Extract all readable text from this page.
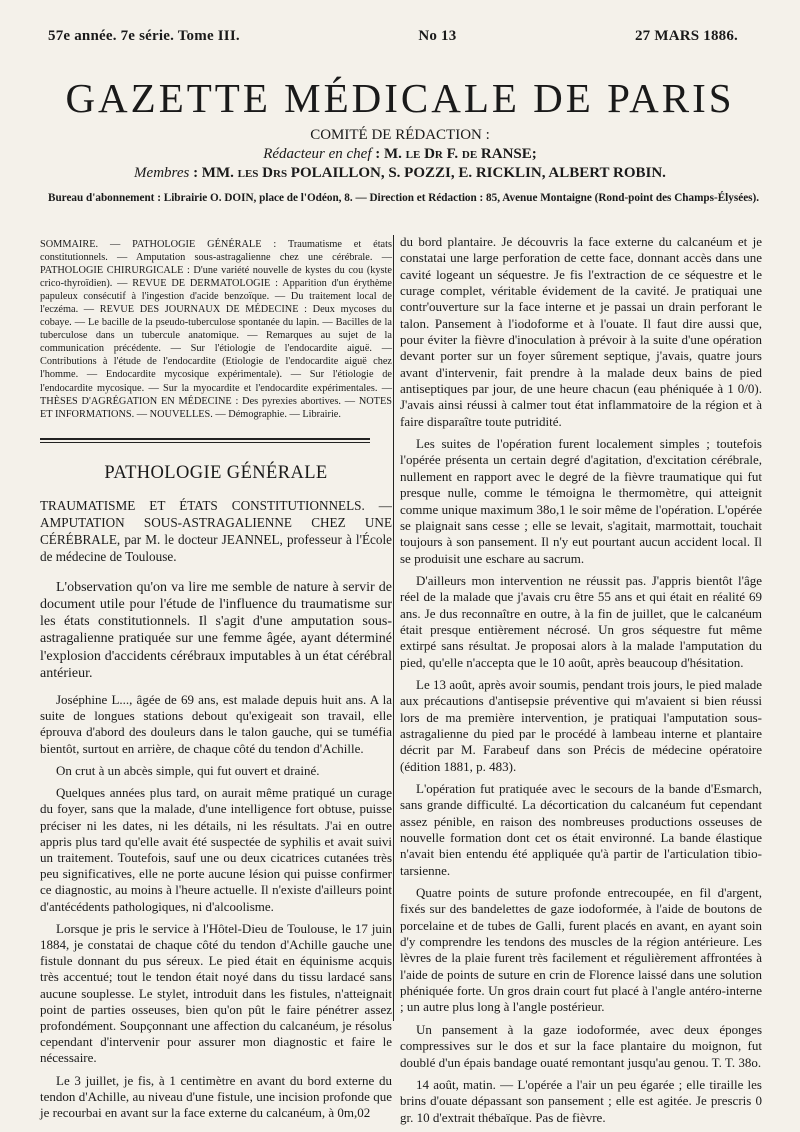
57e année. 7e série. Tome III.	No 13	27 MARS 1886.
GAZETTE MÉDICALE DE PARIS
COMITÉ DE RÉDACTION :
Rédacteur en chef : M. le Dr F. de RANSE;
Membres : MM. les Drs POLAILLON, S. POZZI, E. RICKLIN, ALBERT ROBIN.
Bureau d'abonnement : Librairie O. DOIN, place de l'Odéon, 8. — Direction et Rédaction : 85, Avenue Montaigne (Rond-point des Champs-Élysées).

SOMMAIRE. — PATHOLOGIE GÉNÉRALE : Traumatisme et états constitutionnels. — Amputation sous-astragalienne chez une cérébrale. — PATHOLOGIE CHIRURGICALE : D'une variété nouvelle de kystes du cou (kyste crico-thyroïdien). — REVUE DE DERMATOLOGIE : Apparition d'un érythème papuleux consécutif à l'ingestion d'acide benzoïque. — Du traitement local de l'eczéma. — REVUE DES JOURNAUX DE MÉDECINE : Deux mycoses du cobaye. — Le bacille de la pseudo-tuberculose spontanée du lapin. — Bacilles de la tuberculose dans un tubercule anatomique. — Remarques au sujet de la communication précédente. — Sur l'étiologie de l'endocardite aiguë. — Contributions à l'étude de l'endocardite (Etiologie de l'endocardite aiguë chez l'homme. — Endocardite mycosique expérimentale). — Sur l'étiologie de l'endocardite mycosique. — Sur la myocardite et l'endocardite expérimentales. — THÈSES D'AGRÉGATION EN MÉDECINE : Des pyrexies abortives. — NOTES ET INFORMATIONS. — NOUVELLES. — Démographie. — Librairie.

PATHOLOGIE GÉNÉRALE

TRAUMATISME ET ÉTATS CONSTITUTIONNELS. — AMPUTATION SOUS-ASTRAGALIENNE CHEZ UNE CÉRÉBRALE, par M. le docteur JEANNEL, professeur à l'École de médecine de Toulouse.

L'observation qu'on va lire me semble de nature à servir de document utile pour l'étude de l'influence du traumatisme sur les états constitutionnels. Il s'agit d'une amputation sous-astragalienne pratiquée sur une femme âgée, ayant déterminé l'explosion d'accidents cérébraux imputables à un état cérébral antérieur.

Joséphine L..., âgée de 69 ans, est malade depuis huit ans. A la suite de longues stations debout qu'exigeait son travail, elle éprouva d'abord des douleurs dans le talon gauche, qui se tuméfia bientôt, surtout en arrière, de chaque côté du tendon d'Achille.

On crut à un abcès simple, qui fut ouvert et drainé.

Quelques années plus tard, on aurait même pratiqué un curage du foyer, sans que la malade, d'une intelligence fort obtuse, puisse préciser ni les dates, ni les détails, ni les résultats. J'ai en outre appris plus tard qu'elle avait été suspectée de syphilis et avait suivi un traitement. Toutefois, sauf une ou deux cicatrices cutanées très peu significatives, elle ne porte aucune lésion qui puisse confirmer ce diagnostic, au moins à l'heure actuelle. Il n'existe d'ailleurs point d'antécédents pathologiques, ni d'alcoolisme.

Lorsque je pris le service à l'Hôtel-Dieu de Toulouse, le 17 juin 1884, je constatai de chaque côté du tendon d'Achille gauche une fistule donnant du pus séreux. Le pied était en équinisme acquis très accentué; tout le tendon était noyé dans du tissu lardacé sans aucune souplesse. Le stylet, introduit dans les fistules, n'atteignait point de parties osseuses, bien qu'on pût le faire pénétrer assez profondément. Soupçonnant une affection du calcanéum, je résolus cependant d'intervenir pour assurer mon diagnostic et faire le nécessaire.

Le 3 juillet, je fis, à 1 centimètre en avant du bord externe du tendon d'Achille, au niveau d'une fistule, une incision profonde que je recourbai en avant sur la face externe du calcanéum, à 0m,02

du bord plantaire. Je découvris la face externe du calcanéum et je constatai une large perforation de cette face, donnant accès dans une cavité logeant un séquestre. Je fis l'extraction de ce séquestre et le curage complet, véritable évidement de la cavité. Je pratiquai une contr'ouverture sur la face interne et je passai un drain perforant le talon. Pansement à l'iodoforme et à l'ouate. Il faut dire aussi que, pour éviter la fièvre d'inoculation à prévoir à la suite d'une opération devant porter sur un foyer sûrement septique, j'avais, quatre jours avant d'intervenir, fait prendre à la malade deux bains de pied antiseptiques par jour, de une heure chacun (eau phéniquée à 1 0/0). J'avais ainsi réussi à calmer tout état inflammatoire de la région et à faire disparaître toute putridité.

Les suites de l'opération furent localement simples ; toutefois l'opérée présenta un certain degré d'agitation, d'excitation cérébrale, nullement en rapport avec le degré de la fièvre traumatique qui fut presque nulle, comme le témoigna le thermomètre, qui atteignit comme unique maximum 38o,1 le soir même de l'opération. L'opérée se plaignait sans cesse ; elle se levait, s'agitait, marmottait, touchait toujours à son pansement. Il n'y eut pourtant aucun accident local. Il se produisit une eschare au sacrum.

D'ailleurs mon intervention ne réussit pas. J'appris bientôt l'âge réel de la malade que j'avais cru être 55 ans et qui était en réalité 69 ans. Je dus reconnaître en outre, à la fin de juillet, que le calcanéum était presque entièrement nécrosé. Un gros séquestre fut même extirpé sans résultat. Je proposai alors à la malade l'amputation du pied, qu'elle n'accepta que le 10 août, après beaucoup d'hésitation.

Le 13 août, après avoir soumis, pendant trois jours, le pied malade aux précautions d'antisepsie préventive qui m'avaient si bien réussi lors de ma première intervention, je pratiquai l'amputation sous-astragalienne du pied par le procédé à lambeau interne et plantaire décrit par M. Farabeuf dans son Précis de médecine opératoire (édition 1881, p. 483).

L'opération fut pratiquée avec le secours de la bande d'Esmarch, sans grande difficulté. La décortication du calcanéum fut cependant assez pénible, en raison des nombreuses productions osseuses de nouvelle formation dont cet os était environné. La bande élastique n'avait bien entendu été appliquée qu'à partir de l'articulation tibio-tarsienne.

Quatre points de suture profonde entrecoupée, en fil d'argent, fixés sur des bandelettes de gaze iodoformée, à l'aide de boutons de porcelaine et de tubes de Galli, furent placés en avant, en ayant soin d'y comprendre les tendons des muscles de la région antérieure. Les lèvres de la plaie furent très facilement et régulièrement affrontées à l'aide de points de suture en crin de Florence laissé dans une solution phéniquée forte. Un gros drain court fut placé à l'angle antéro-interne ; un autre plus long à l'angle postérieur.

Un pansement à la gaze iodoformée, avec deux éponges compressives sur le dos et sur la face plantaire du moignon, fut doublé d'un épais bandage ouaté remontant jusqu'au genou. T. T. 38o.

14 août, matin. — L'opérée a l'air un peu égarée ; elle tiraille les brins d'ouate dépassant son pansement ; elle est agitée. Je prescris 0 gr. 10 d'extrait thébaïque. Pas de fièvre.
